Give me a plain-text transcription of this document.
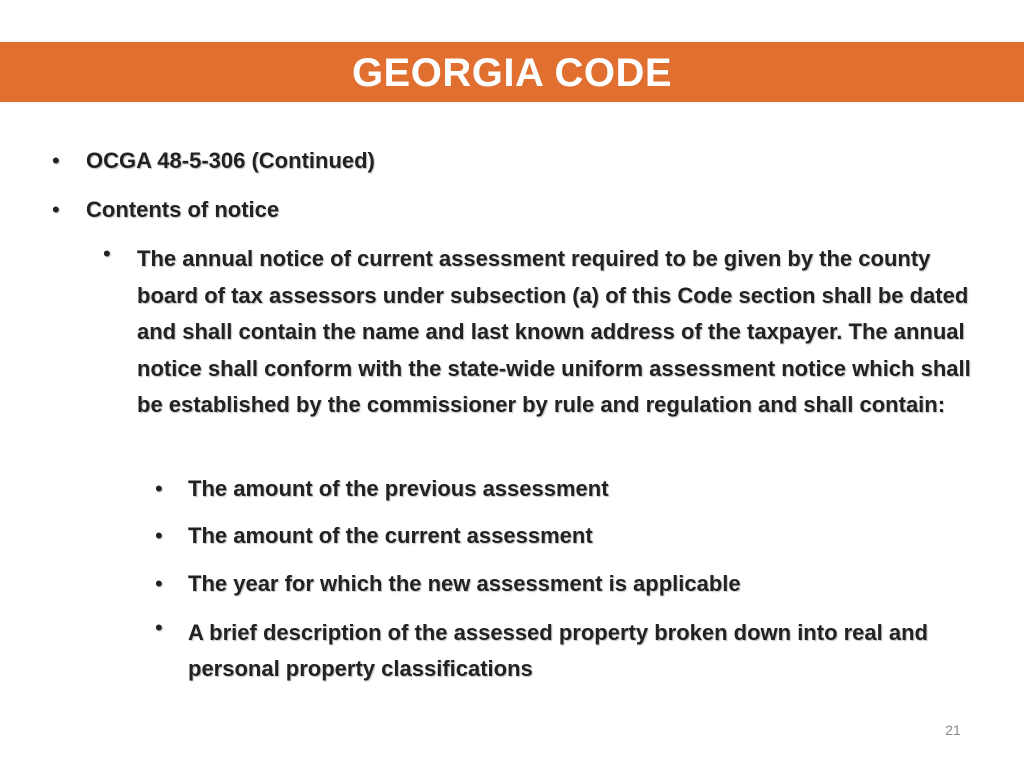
GEORGIA CODE
• OCGA 48-5-306 (Continued)
• Contents of notice
• The annual notice of current assessment required to be given by the county board of tax assessors under subsection (a) of this Code section shall be dated and shall contain the name and last known address of the taxpayer. The annual notice shall conform with the state-wide uniform assessment notice which shall be established by the commissioner by rule and regulation and shall contain:
• The amount of the previous assessment
• The amount of the current assessment
• The year for which the new assessment is applicable
• A brief description of the assessed property broken down into real and personal property classifications
21
